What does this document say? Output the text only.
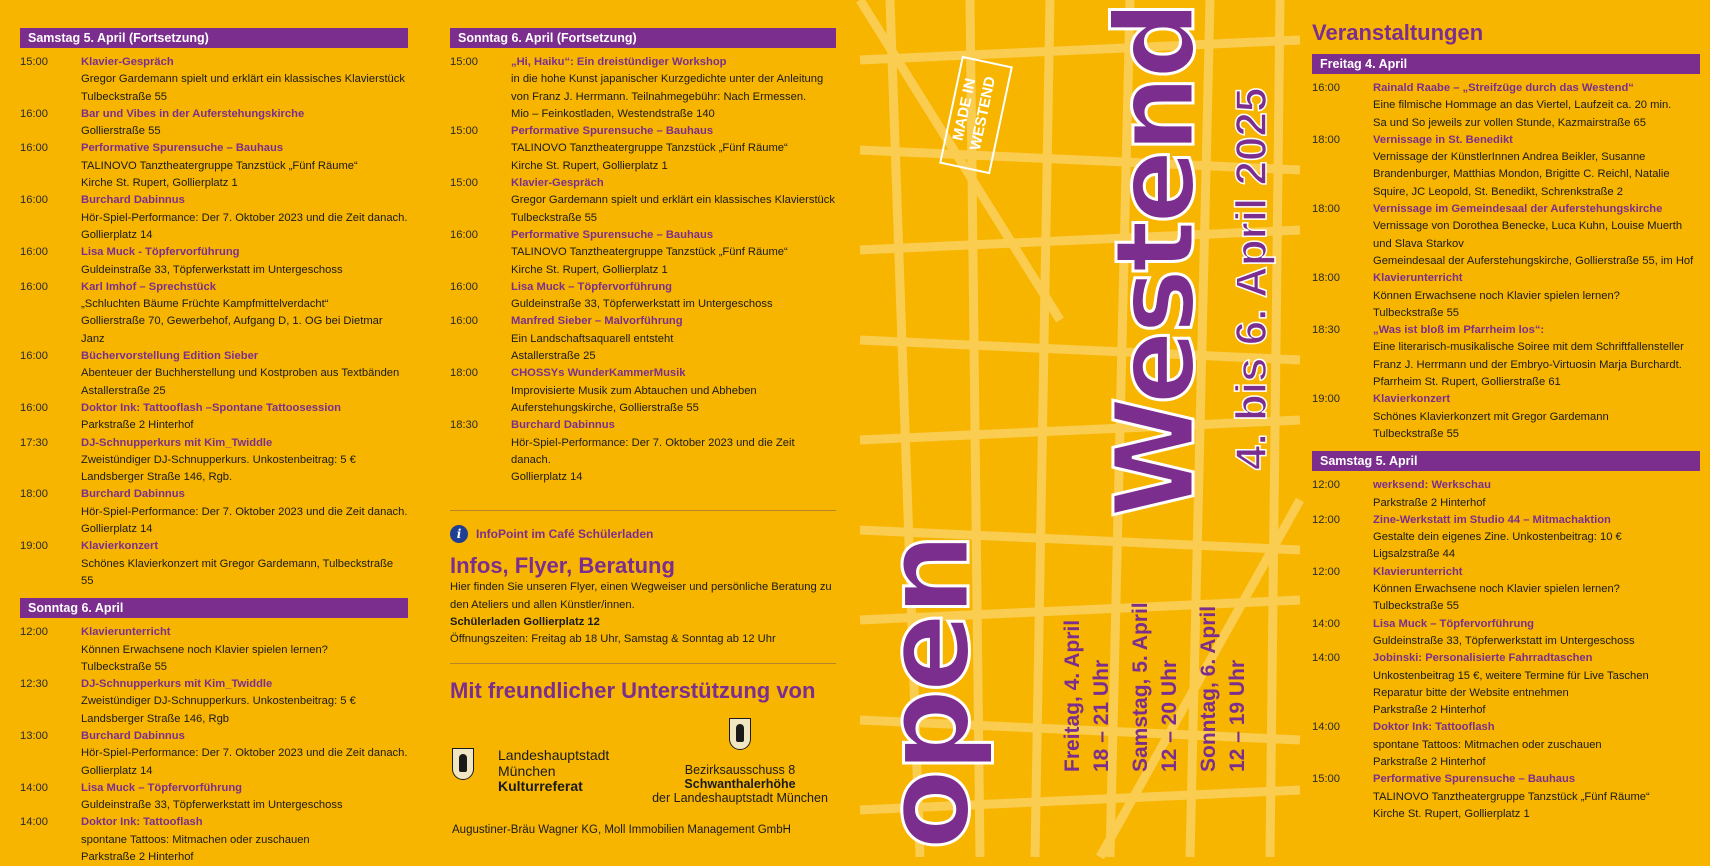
Samstag 5. April (Fortsetzung)
15:00	Klavier-Gespräch
Gregor Gardemann spielt und erklärt ein klassisches Klavierstück
Tulbeckstraße 55
16:00	Bar und Vibes in der Auferstehungskirche
Gollierstraße 55
16:00	Performative Spurensuche – Bauhaus
TALINOVO Tanztheatergruppe Tanzstück „Fünf Räume“
Kirche St. Rupert, Gollierplatz 1
16:00	Burchard Dabinnus
Hör-Spiel-Performance: Der 7. Oktober 2023 und die Zeit danach.
Gollierplatz 14
16:00	Lisa Muck - Töpfervorführung
Guldeinstraße 33, Töpferwerkstatt im Untergeschoss
16:00	Karl Imhof – Sprechstück
„Schluchten Bäume Früchte Kampfmittelverdacht“
Gollierstraße 70, Gewerbehof, Aufgang D, 1. OG bei Dietmar Janz
16:00	Büchervorstellung Edition Sieber
Abenteuer der Buchherstellung und Kostproben aus Textbänden
Astallerstraße 25
16:00	Doktor Ink: Tattooflash –Spontane Tattoosession
Parkstraße 2 Hinterhof
17:30	DJ-Schnupperkurs mit Kim_Twiddle
Zweistündiger DJ-Schnupperkurs. Unkostenbeitrag: 5 €
Landsberger Straße 146, Rgb.
18:00	Burchard Dabinnus
Hör-Spiel-Performance: Der 7. Oktober 2023 und die Zeit danach.
Gollierplatz 14
19:00	Klavierkonzert
Schönes Klavierkonzert mit Gregor Gardemann, Tulbeckstraße 55
Sonntag 6. April
12:00	Klavierunterricht
Können Erwachsene noch Klavier spielen lernen?
Tulbeckstraße 55
12:30	DJ-Schnupperkurs mit Kim_Twiddle
Zweistündiger DJ-Schnupperkurs. Unkostenbeitrag: 5 €
Landsberger Straße 146, Rgb
13:00	Burchard Dabinnus
Hör-Spiel-Performance: Der 7. Oktober 2023 und die Zeit danach.
Gollierplatz 14
14:00	Lisa Muck – Töpfervorführung
Guldeinstraße 33, Töpferwerkstatt im Untergeschoss
14:00	Doktor Ink: Tattooflash
spontane Tattoos: Mitmachen oder zuschauen
Parkstraße 2 Hinterhof
Sonntag 6. April (Fortsetzung)
15:00	„Hi, Haiku“: Ein dreistündiger Workshop
in die hohe Kunst japanischer Kurzgedichte unter der Anleitung
von Franz J. Herrmann. Teilnahmegebühr: Nach Ermessen.
Mio – Feinkostladen, Westendstraße 140
15:00	Performative Spurensuche – Bauhaus
TALINOVO Tanztheatergruppe Tanzstück „Fünf Räume“
Kirche St. Rupert, Gollierplatz 1
15:00	Klavier-Gespräch
Gregor Gardemann spielt und erklärt ein klassisches Klavierstück
Tulbeckstraße 55
16:00	Performative Spurensuche – Bauhaus
TALINOVO Tanztheatergruppe Tanzstück „Fünf Räume“
Kirche St. Rupert, Gollierplatz 1
16:00	Lisa Muck – Töpfervorführung
Guldeinstraße 33, Töpferwerkstatt im Untergeschoss
16:00	Manfred Sieber – Malvorführung
Ein Landschaftsaquarell entsteht
Astallerstraße 25
18:00	CHOSSYs WunderKammerMusik
Improvisierte Musik zum Abtauchen und Abheben
Auferstehungskirche, Gollierstraße 55
18:30	Burchard Dabinnus
Hör-Spiel-Performance: Der 7. Oktober 2023 und die Zeit danach.
Gollierplatz 14
i	InfoPoint im Café Schülerladen
Infos, Flyer, Beratung
Hier finden Sie unseren Flyer, einen Wegweiser und persönliche Beratung zu
den Ateliers und allen Künstler/innen.
Schülerladen Gollierplatz 12
Öffnungszeiten: Freitag ab 18 Uhr, Samstag & Sonntag ab 12 Uhr
Mit freundlicher Unterstützung von
Landeshauptstadt
München
Kulturreferat
Bezirksausschuss 8
Schwanthalerhöhe
der Landeshauptstadt München
Augustiner-Bräu Wagner KG, Moll Immobilien Management GmbH
MADE IN WESTEND
open
Westend 4. bis 6. April 2025
Freitag, 4. April 18 – 21 Uhr Samstag, 5. April 12 – 20 Uhr Sonntag, 6. April 12 – 19 Uhr
Veranstaltungen
Freitag 4. April
16:00	Rainald Raabe – „Streifzüge durch das Westend“
Eine filmische Hommage an das Viertel, Laufzeit ca. 20 min.
Sa und So jeweils zur vollen Stunde, Kazmairstraße 65
18:00	Vernissage in St. Benedikt
Vernissage der KünstlerInnen Andrea Beikler, Susanne
Brandenburger, Matthias Mondon, Brigitte C. Reichl, Natalie
Squire, JC Leopold, St. Benedikt, Schrenkstraße 2
18:00	Vernissage im Gemeindesaal der Auferstehungskirche
Vernissage von Dorothea Benecke, Luca Kuhn, Louise Muerth
und Slava Starkov
Gemeindesaal der Auferstehungskirche, Gollierstraße 55, im Hof
18:00	Klavierunterricht
Können Erwachsene noch Klavier spielen lernen?
Tulbeckstraße 55
18:30	„Was ist bloß im Pfarrheim los“:
Eine literarisch-musikalische Soiree mit dem Schriftfallensteller
Franz J. Herrmann und der Embryo-Virtuosin Marja Burchardt.
Pfarrheim St. Rupert, Gollierstraße 61
19:00	Klavierkonzert
Schönes Klavierkonzert mit Gregor Gardemann
Tulbeckstraße 55
Samstag 5. April
12:00	werksend: Werkschau
Parkstraße 2 Hinterhof
12:00	Zine-Werkstatt im Studio 44 – Mitmachaktion
Gestalte dein eigenes Zine. Unkostenbeitrag: 10 €
Ligsalzstraße 44
12:00	Klavierunterricht
Können Erwachsene noch Klavier spielen lernen?
Tulbeckstraße 55
14:00	Lisa Muck – Töpfervorführung
Guldeinstraße 33, Töpferwerkstatt im Untergeschoss
14:00	Jobinski: Personalisierte Fahrradtaschen
Unkostenbeitrag 15 €, weitere Termine für Live Taschen
Reparatur bitte der Website entnehmen
Parkstraße 2 Hinterhof
14:00	Doktor Ink: Tattooflash
spontane Tattoos: Mitmachen oder zuschauen
Parkstraße 2 Hinterhof
15:00	Performative Spurensuche – Bauhaus
TALINOVO Tanztheatergruppe Tanzstück „Fünf Räume“
Kirche St. Rupert, Gollierplatz 1
